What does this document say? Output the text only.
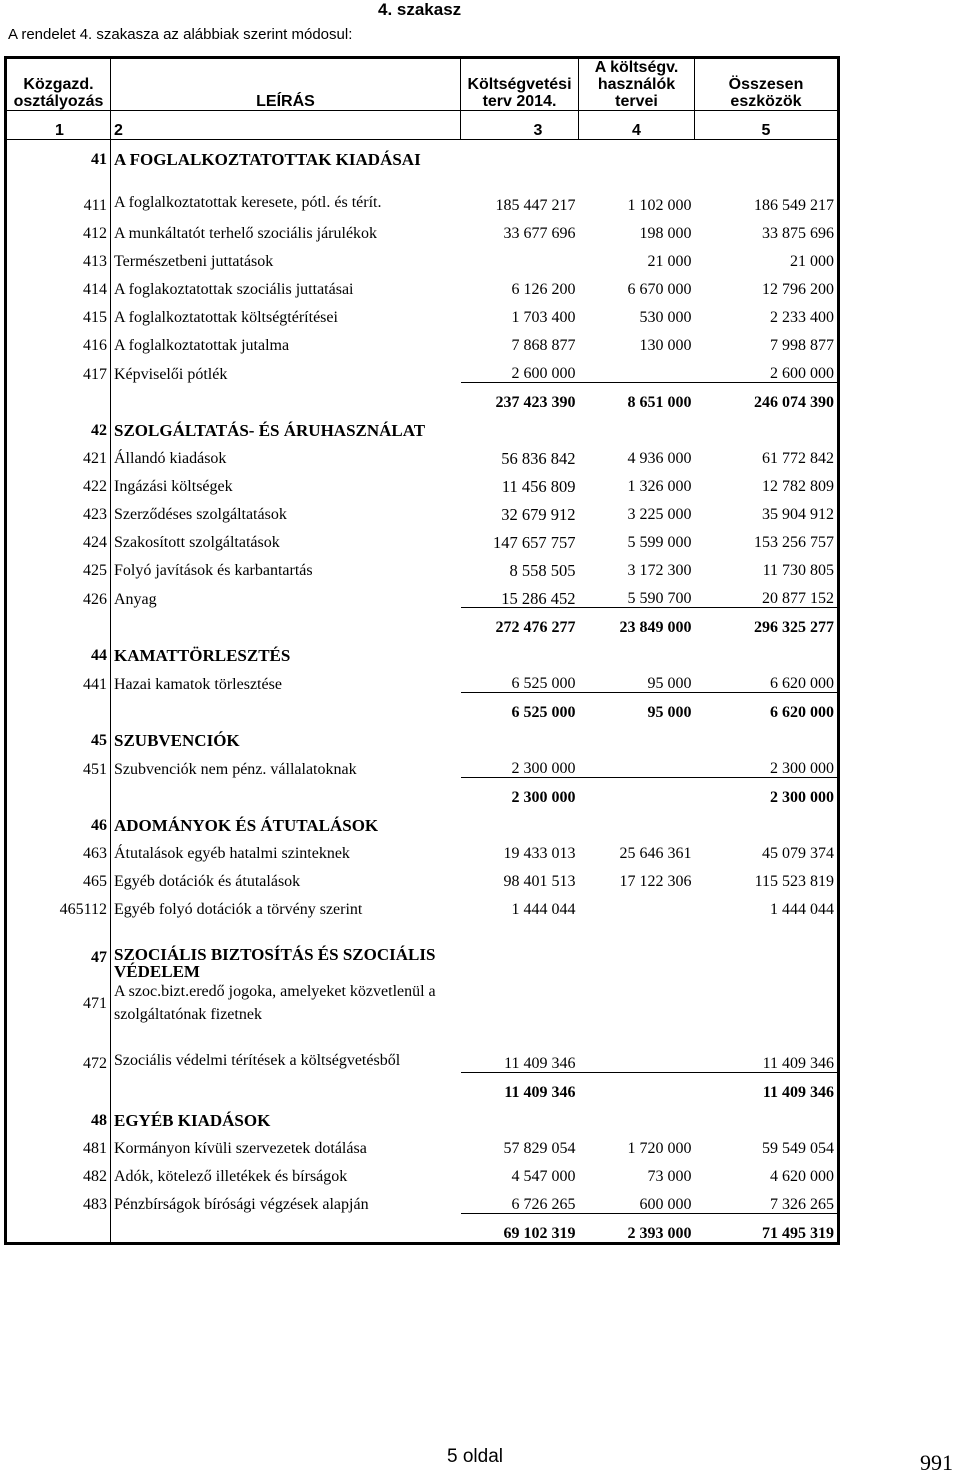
4. szakasz
A rendelet 4. szakasza az alábbiak szerint módosul:
Közgazd. osztályozás	LEÍRÁS	Költségvetési terv 2014.	A költségv. használók tervei	Összesen eszközök
1	2	3	4	5
41	A FOGLALKOZTATOTTAK KIADÁSAI			
411	A foglalkoztatottak keresete, pótl. és térít.	185 447 217	1 102 000	186 549 217
412	A munkáltatót terhelő szociális járulékok	33 677 696	198 000	33 875 696
413	Természetbeni juttatások		21 000	21 000
414	A foglakoztatottak szociális juttatásai	6 126 200	6 670 000	12 796 200
415	A foglalkoztatottak költségtérítései	1 703 400	530 000	2 233 400
416	A foglalkoztatottak jutalma	7 868 877	130 000	7 998 877
417	Képviselői pótlék	2 600 000		2 600 000
		237 423 390	8 651 000	246 074 390
42	SZOLGÁLTATÁS- ÉS ÁRUHASZNÁLAT			
421	Állandó kiadások	56 836 842	4 936 000	61 772 842
422	Ingázási költségek	11 456 809	1 326 000	12 782 809
423	Szerződéses szolgáltatások	32 679 912	3 225 000	35 904 912
424	Szakosított szolgáltatások	147 657 757	5 599 000	153 256 757
425	Folyó javítások és karbantartás	8 558 505	3 172 300	11 730 805
426	Anyag	15 286 452	5 590 700	20 877 152
		272 476 277	23 849 000	296 325 277
44	KAMATTÖRLESZTÉS			
441	Hazai kamatok törlesztése	6 525 000	95 000	6 620 000
		6 525 000	95 000	6 620 000
45	SZUBVENCIÓK			
451	Szubvenciók nem pénz. vállalatoknak	2 300 000		2 300 000
		2 300 000		2 300 000
46	ADOMÁNYOK ÉS ÁTUTALÁSOK			
463	Átutalások egyéb hatalmi szinteknek	19 433 013	25 646 361	45 079 374
465	Egyéb dotációk és átutalások	98 401 513	17 122 306	115 523 819
465112	Egyéb folyó dotációk a törvény szerint	1 444 044		1 444 044

47	SZOCIÁLIS BIZTOSÍTÁS ÉS SZOCIÁLIS VÉDELEM			
471	A szoc.bizt.eredő jogoka, amelyeket közvetlenül a szolgáltatónak fizetnek			
472	Szociális védelmi térítések a költségvetésből	11 409 346		11 409 346
		11 409 346		11 409 346
48	EGYÉB KIADÁSOK			
481	Kormányon kívüli szervezetek dotálása	57 829 054	1 720 000	59 549 054
482	Adók, kötelező illetékek és bírságok	4 547 000	73 000	4 620 000
483	Pénzbírságok bírósági végzések alapján	6 726 265	600 000	7 326 265
		69 102 319	2 393 000	71 495 319
5 oldal	991
